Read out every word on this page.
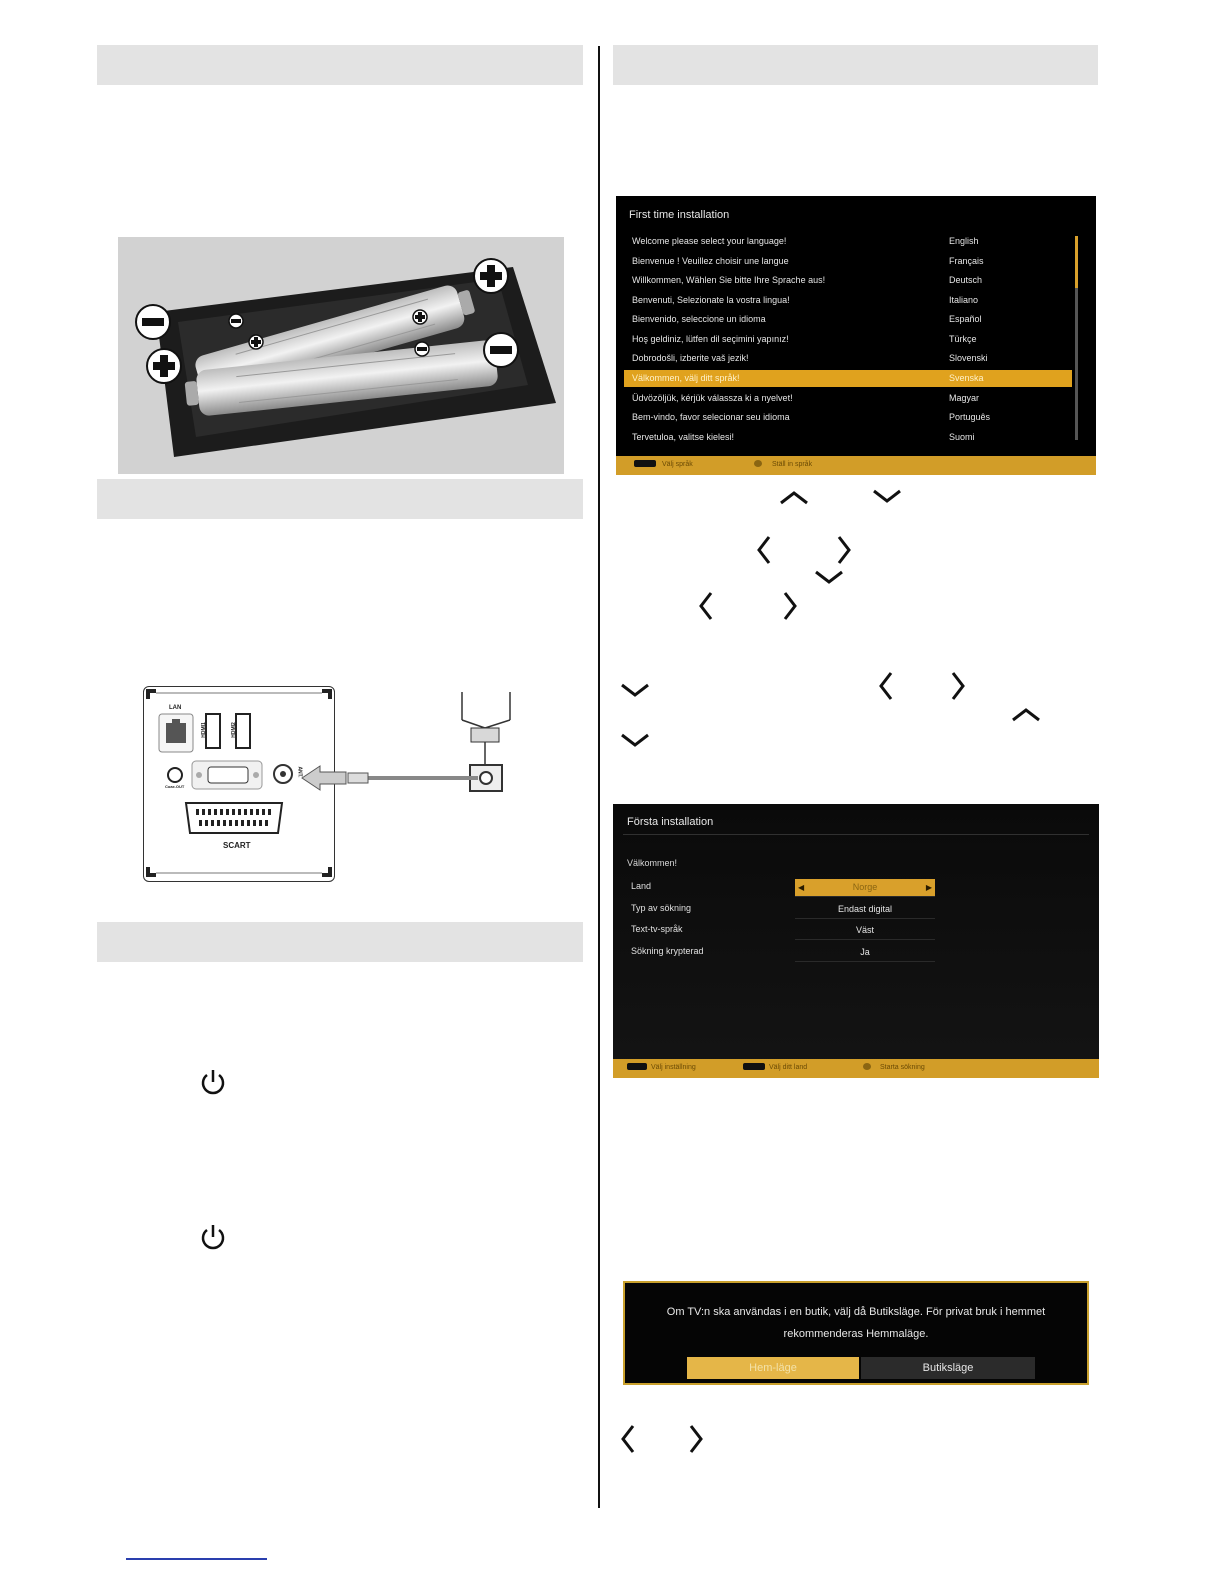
LAN
HDMI1	HDMI2
Coax.OUT
ANT.
SCART
First time installation
Welcome please select your language!	English
Bienvenue ! Veuillez choisir une langue	Français
Willkommen, Wählen Sie bitte Ihre Sprache aus!	Deutsch
Benvenuti, Selezionate la vostra lingua!	Italiano
Bienvenido, seleccione un idioma	Español
Hoş geldiniz, lütfen dil seçimini yapınız!	Türkçe
Dobrodošli, izberite vaš jezik!	Slovenski
Välkommen, välj ditt språk!	Svenska
Üdvözöljük, kérjük válassza ki a nyelvet!	Magyar
Bem-vindo, favor selecionar seu idioma	Português
Tervetuloa, valitse kielesi!	Suomi
Välj språk	Ställ in språk
Första installation
Välkommen!
Land	◀	Norge	▶
Typ av sökning	Endast digital
Text-tv-språk	Väst
Sökning krypterad	Ja
Välj inställning	Välj ditt land	Starta sökning
Om TV:n ska användas i en butik, välj då Butiksläge. För privat bruk i hemmet
rekommenderas Hemmaläge.
Hem-läge	Butiksläge
